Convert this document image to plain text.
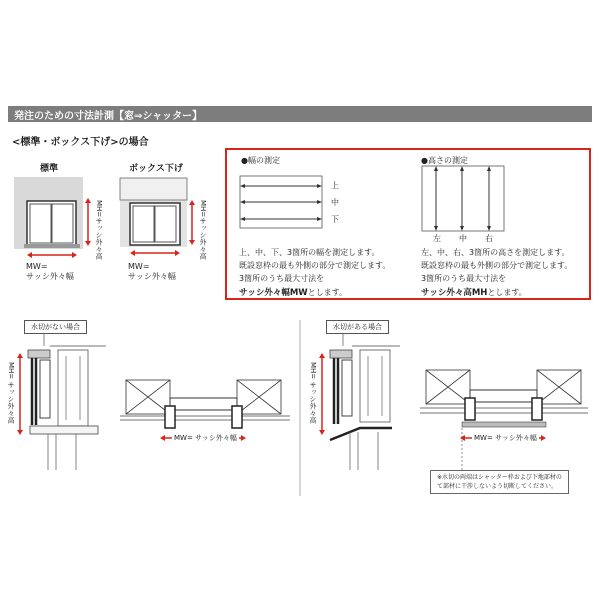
発注のための寸法計測【窓⇒シャッター】
<標準・ボックス下げ>の場合
標準	ボックス下げ
MW=
サッシ外々幅
MH=サッシ外々高
MW=
サッシ外々幅
MH=サッシ外々高
●幅の測定
上
中
下
上、中、下、3箇所の幅を測定します。
既設窓枠の最も外側の部分で測定します。
3箇所のうち最大寸法を
サッシ外々幅MWとします。
●高さの測定
左 中 右
左、中、右、3箇所の高さを測定します。
既設窓枠の最も外側の部分で測定します。
3箇所のうち最大寸法を
サッシ外々高MHとします。
水切がない場合
MH= サッシ外々高
MW= サッシ外々幅
水切がある場合
MH= サッシ外々高
MW= サッシ外々幅
※水切の両端はシャッター枠および下地部材の
て部材に干渉しないよう切断してください。
